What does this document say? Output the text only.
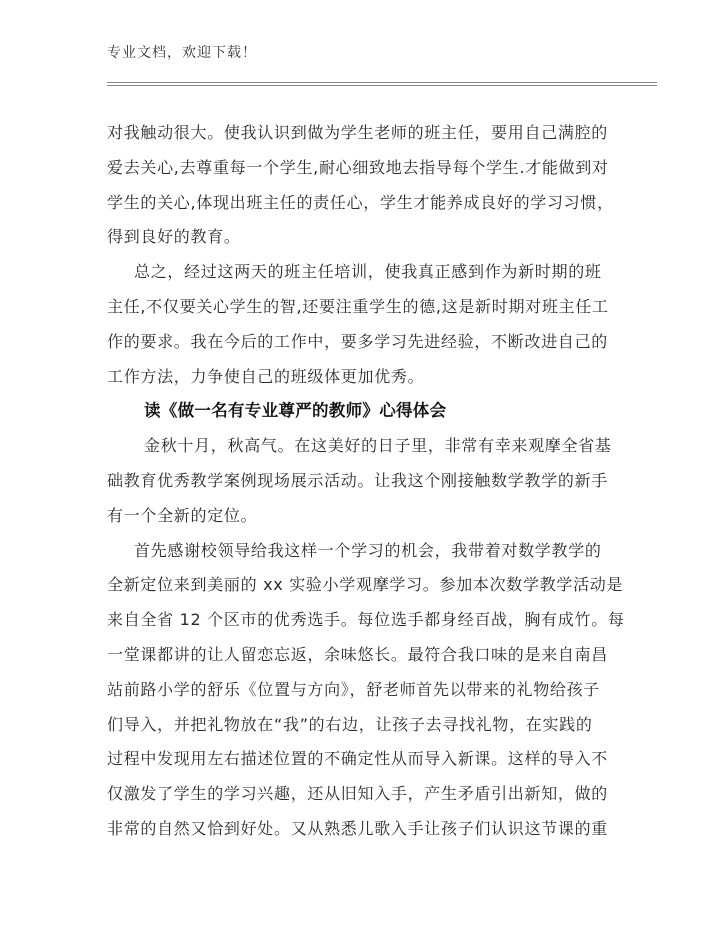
专业文档，欢迎下载！
对我触动很大。使我认识到做为学生老师的班主任，要用自己满腔的
爱去关心,去尊重每一个学生,耐心细致地去指导每个学生.才能做到对
学生的关心,体现出班主任的责任心，学生才能养成良好的学习习惯，
得到良好的教育。
总之，经过这两天的班主任培训，使我真正感到作为新时期的班
主任,不仅要关心学生的智,还要注重学生的德,这是新时期对班主任工
作的要求。我在今后的工作中，要多学习先进经验，不断改进自己的
工作方法，力争使自己的班级体更加优秀。
读《做一名有专业尊严的教师》心得体会
金秋十月，秋高气。在这美好的日子里，非常有幸来观摩全省基
础教育优秀教学案例现场展示活动。让我这个刚接触数学教学的新手
有一个全新的定位。
首先感谢校领导给我这样一个学习的机会，我带着对数学教学的
全新定位来到美丽的 xx 实验小学观摩学习。参加本次数学教学活动是
来自全省 12 个区市的优秀选手。每位选手都身经百战，胸有成竹。每
一堂课都讲的让人留恋忘返，余味悠长。最符合我口味的是来自南昌
站前路小学的舒乐《位置与方向》，舒老师首先以带来的礼物给孩子
们导入，并把礼物放在“我”的右边，让孩子去寻找礼物，在实践的
过程中发现用左右描述位置的不确定性从而导入新课。这样的导入不
仅激发了学生的学习兴趣，还从旧知入手，产生矛盾引出新知，做的
非常的自然又恰到好处。又从熟悉儿歌入手让孩子们认识这节课的重
